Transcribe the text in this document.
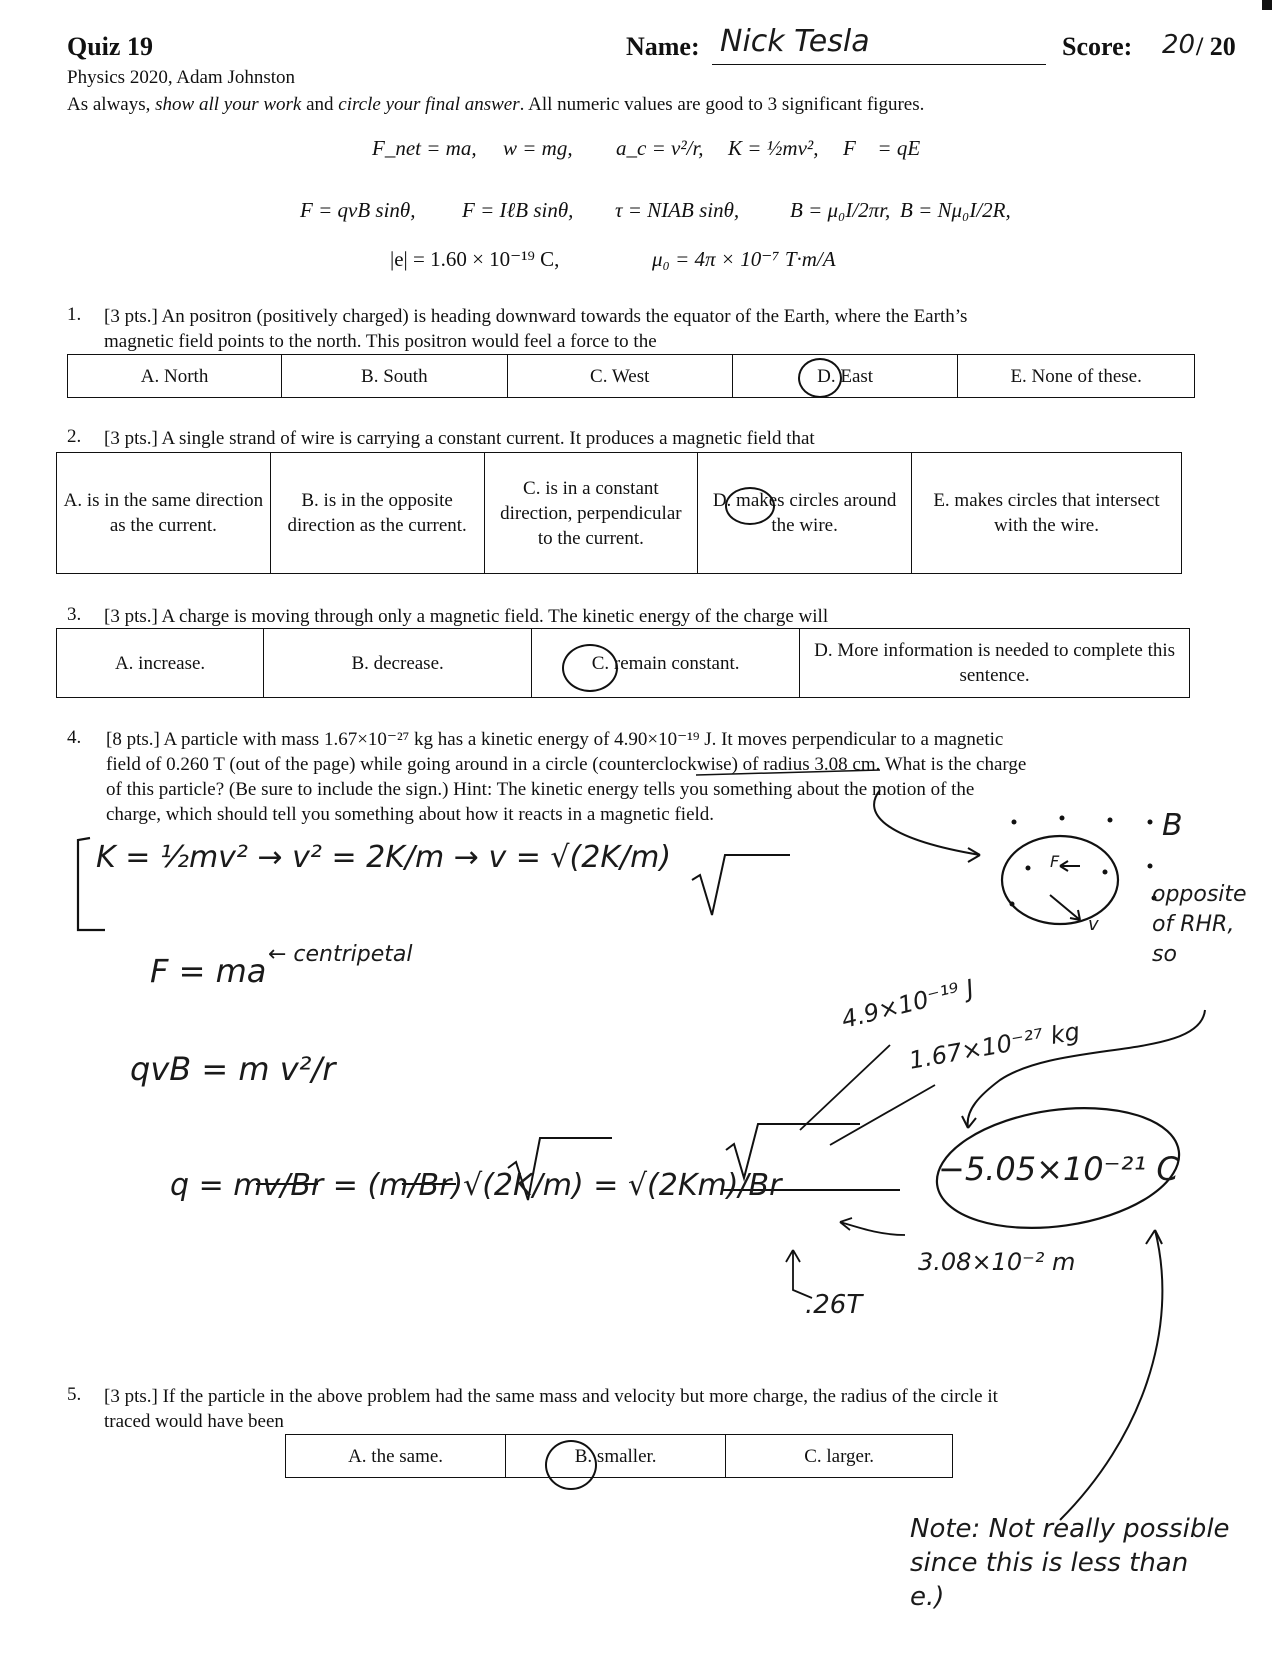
Quiz 19
Physics 2020, Adam Johnston
As always, show all your work and circle your final answer. All numeric values are good to 3 significant figures.
Name: Nick Tesla	Score: 20 / 20
F_net = ma, w = mg, a_c = v²/r, K = ½mv², F⃗ = qE⃗
F = qvB sinθ, F = IℓB sinθ, τ = NIAB sinθ, B = μ₀I/2πr, B = Nμ₀I/2R,
|e| = 1.60 × 10⁻¹⁹ C,	μ₀ = 4π × 10⁻⁷ T·m/A
1. [3 pts.] An positron (positively charged) is heading downward towards the equator of the Earth, where the Earth’s
magnetic field points to the north. This positron would feel a force to the
A. North	B. South	C. West	D. East	E. None of these.
2. [3 pts.] A single strand of wire is carrying a constant current. It produces a magnetic field that
A. is in the same direction as the current.	B. is in the opposite direction as the current.	C. is in a constant direction, perpendicular to the current.	D. makes circles around the wire.	E. makes circles that intersect with the wire.
3. [3 pts.] A charge is moving through only a magnetic field. The kinetic energy of the charge will
A. increase.	B. decrease.	C. remain constant.	D. More information is needed to complete this sentence.
4. [8 pts.] A particle with mass 1.67×10⁻²⁷ kg has a kinetic energy of 4.90×10⁻¹⁹ J. It moves perpendicular to a magnetic
field of 0.260 T (out of the page) while going around in a circle (counterclockwise) of radius 3.08 cm. What is the charge
of this particle? (Be sure to include the sign.) Hint: The kinetic energy tells you something about the motion of the
charge, which should tell you something about how it reacts in a magnetic field.
K = ½mv² → v² = 2K/m → v = √(2K/m)
F = ma ← centripetal
qvB = m v²/r
q = mv/Br = (m/Br)√(2K/m) = √(2Km)/Br	−5.05×10⁻²¹ C
4.9×10⁻¹⁹ J
1.67×10⁻²⁷ kg
3.08×10⁻² m
.26T
B
F
v
opposite of RHR, so
5. [3 pts.] If the particle in the above problem had the same mass and velocity but more charge, the radius of the circle it
traced would have been
A. the same.	B. smaller.	C. larger.
Note: Not really possible since this is less than e.)
